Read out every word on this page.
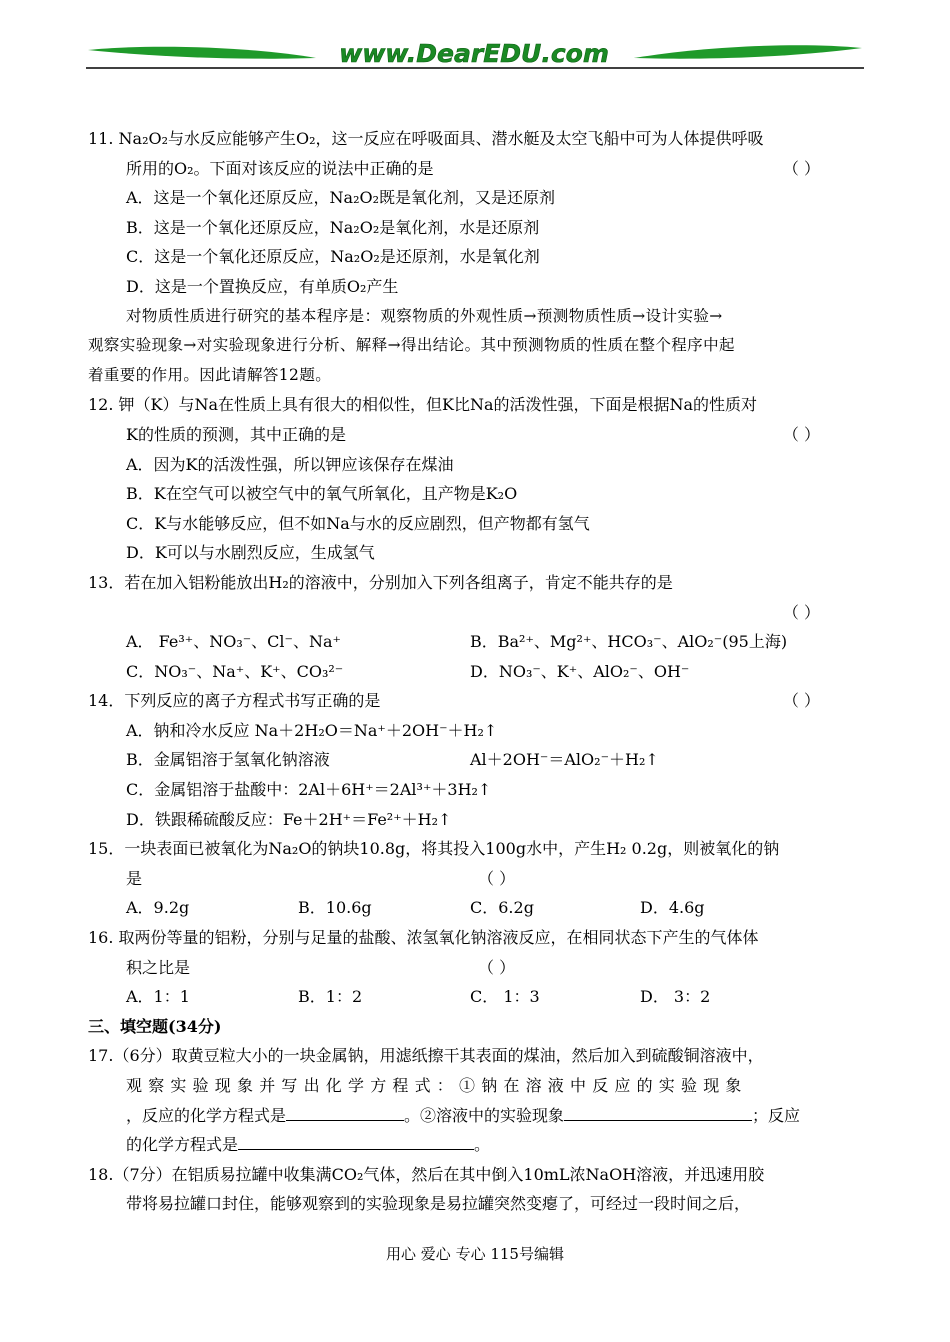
www.DearEDU.com
11. Na₂O₂与水反应能够产生O₂，这一反应在呼吸面具、潜水艇及太空飞船中可为人体提供呼吸
所用的O₂。下面对该反应的说法中正确的是	（ ）
A．这是一个氧化还原反应，Na₂O₂既是氧化剂，又是还原剂
B．这是一个氧化还原反应，Na₂O₂是氧化剂，水是还原剂
C．这是一个氧化还原反应，Na₂O₂是还原剂，水是氧化剂
D．这是一个置换反应，有单质O₂产生
对物质性质进行研究的基本程序是：观察物质的外观性质→预测物质性质→设计实验→
观察实验现象→对实验现象进行分析、解释→得出结论。其中预测物质的性质在整个程序中起
着重要的作用。因此请解答12题。
12. 钾（K）与Na在性质上具有很大的相似性，但K比Na的活泼性强，下面是根据Na的性质对
K的性质的预测，其中正确的是	（ ）
A．因为K的活泼性强，所以钾应该保存在煤油
B．K在空气可以被空气中的氧气所氧化，且产物是K₂O
C．K与水能够反应，但不如Na与水的反应剧烈，但产物都有氢气
D．K可以与水剧烈反应，生成氢气
13．若在加入铝粉能放出H₂的溶液中，分别加入下列各组离子，肯定不能共存的是
（ ）
A． Fe³⁺、NO₃⁻、Cl⁻、Na⁺	B．Ba²⁺、Mg²⁺、HCO₃⁻、AlO₂⁻(95上海)
C．NO₃⁻、Na⁺、K⁺、CO₃²⁻	D．NO₃⁻、K⁺、AlO₂⁻、OH⁻
14．下列反应的离子方程式书写正确的是	（ ）
A．钠和冷水反应 Na＋2H₂O＝Na⁺＋2OH⁻＋H₂↑
B．金属铝溶于氢氧化钠溶液	Al＋2OH⁻＝AlO₂⁻＋H₂↑
C．金属铝溶于盐酸中：2Al＋6H⁺＝2Al³⁺＋3H₂↑
D．铁跟稀硫酸反应：Fe＋2H⁺＝Fe²⁺＋H₂↑
15．一块表面已被氧化为Na₂O的钠块10.8g，将其投入100g水中，产生H₂ 0.2g，则被氧化的钠
是	（ ）
A．9.2g	B．10.6g	C．6.2g	D．4.6g
16. 取两份等量的铝粉，分别与足量的盐酸、浓氢氧化钠溶液反应，在相同状态下产生的气体体
积之比是	（ ）
A．1：1	B．1：2	C． 1：3	D． 3：2
三、填空题(34分)
17.（6分）取黄豆粒大小的一块金属钠，用滤纸擦干其表面的煤油，然后加入到硫酸铜溶液中，
观察实验现象并写出化学方程式：①钠在溶液中反应的实验现象
，反应的化学方程式是	。②溶液中的实验现象	；反应
的化学方程式是	。
18.（7分）在铝质易拉罐中收集满CO₂气体，然后在其中倒入10mL浓NaOH溶液，并迅速用胶
带将易拉罐口封住，能够观察到的实验现象是易拉罐突然变瘪了，可经过一段时间之后，
用心 爱心 专心 115号编辑
